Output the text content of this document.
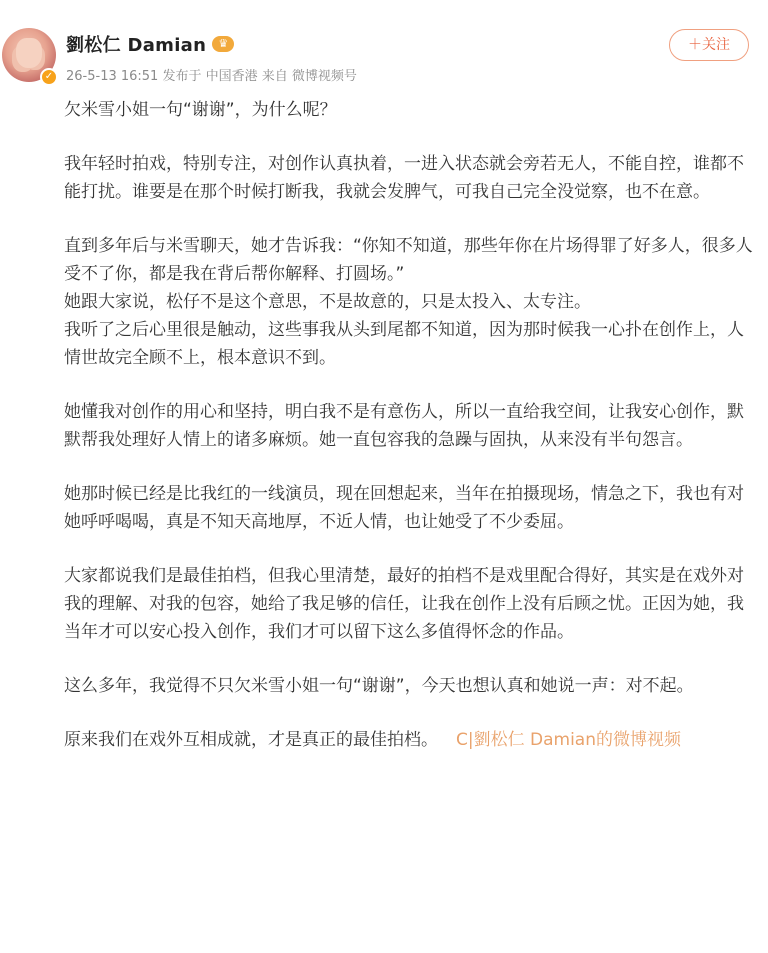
✓
劉松仁 Damian	♛
26-5-13 16:51 发布于 中国香港 来自 微博视频号
＋关注

欠米雪小姐一句“谢谢”，为什么呢？

我年轻时拍戏，特别专注，对创作认真执着，一进入状态就会旁若无人，不能自控，谁都不能打扰。谁要是在那个时候打断我，我就会发脾气，可我自己完全没觉察，也不在意。

直到多年后与米雪聊天，她才告诉我：“你知不知道，那些年你在片场得罪了好多人，很多人受不了你，都是我在背后帮你解释、打圆场。”

她跟大家说，松仔不是这个意思，不是故意的，只是太投入、太专注。

我听了之后心里很是触动，这些事我从头到尾都不知道，因为那时候我一心扑在创作上，人情世故完全顾不上，根本意识不到。

她懂我对创作的用心和坚持，明白我不是有意伤人，所以一直给我空间，让我安心创作，默默帮我处理好人情上的诸多麻烦。她一直包容我的急躁与固执，从来没有半句怨言。

她那时候已经是比我红的一线演员，现在回想起来，当年在拍摄现场，情急之下，我也有对她呼呼喝喝，真是不知天高地厚，不近人情，也让她受了不少委屈。

大家都说我们是最佳拍档，但我心里清楚，最好的拍档不是戏里配合得好，其实是在戏外对我的理解、对我的包容，她给了我足够的信任，让我在创作上没有后顾之忧。正因为她，我当年才可以安心投入创作，我们才可以留下这么多值得怀念的作品。

这么多年，我觉得不只欠米雪小姐一句“谢谢”，今天也想认真和她说一声：对不起。

原来我们在戏外互相成就，才是真正的最佳拍档。 C|劉松仁 Damian的微博视频
